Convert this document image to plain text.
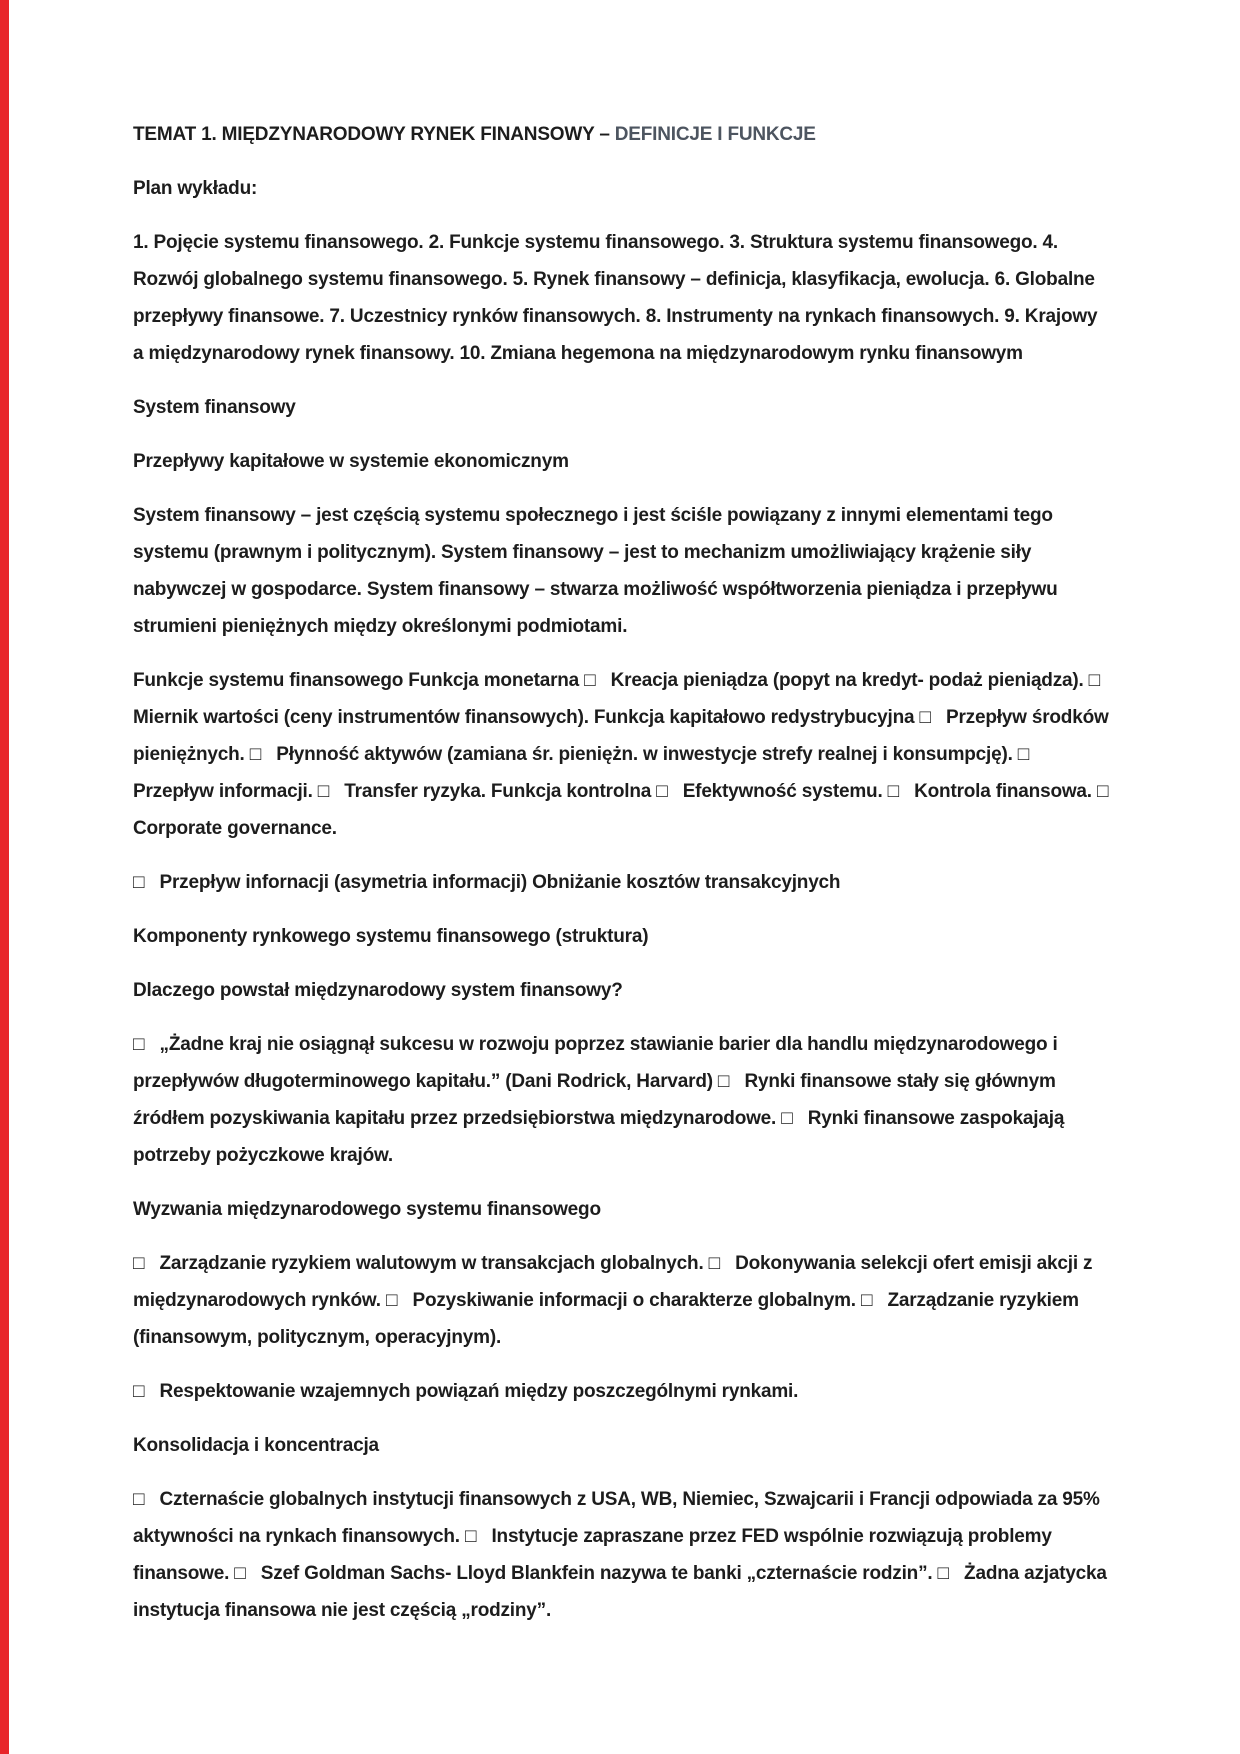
TEMAT 1. MIĘDZYNARODOWY RYNEK FINANSOWY – DEFINICJE I FUNKCJE

Plan wykładu:

1. Pojęcie systemu finansowego. 2. Funkcje systemu finansowego. 3. Struktura systemu finansowego. 4. Rozwój globalnego systemu finansowego. 5. Rynek finansowy – definicja, klasyfikacja, ewolucja. 6. Globalne przepływy finansowe. 7. Uczestnicy rynków finansowych. 8. Instrumenty na rynkach finansowych. 9. Krajowy a międzynarodowy rynek finansowy. 10. Zmiana hegemona na międzynarodowym rynku finansowym

System finansowy

Przepływy kapitałowe w systemie ekonomicznym

System finansowy – jest częścią systemu społecznego i jest ściśle powiązany z innymi elementami tego systemu (prawnym i politycznym). System finansowy – jest to mechanizm umożliwiający krążenie siły nabywczej w gospodarce. System finansowy – stwarza możliwość współtworzenia pieniądza i przepływu strumieni pieniężnych między określonymi podmiotami.

Funkcje systemu finansowego Funkcja monetarna □   Kreacja pieniądza (popyt na kredyt- podaż pieniądza). □   Miernik wartości (ceny instrumentów finansowych). Funkcja kapitałowo redystrybucyjna □   Przepływ środków pieniężnych. □   Płynność aktywów (zamiana śr. pieniężn. w inwestycje strefy realnej i konsumpcję). □   Przepływ informacji. □   Transfer ryzyka. Funkcja kontrolna □   Efektywność systemu. □   Kontrola finansowa. □   Corporate governance.

□   Przepływ infornacji (asymetria informacji) Obniżanie kosztów transakcyjnych

Komponenty rynkowego systemu finansowego (struktura)

Dlaczego powstał międzynarodowy system finansowy?

□   „Żadne kraj nie osiągnął sukcesu w rozwoju poprzez stawianie barier dla handlu międzynarodowego i przepływów długoterminowego kapitału.” (Dani Rodrick, Harvard) □   Rynki finansowe stały się głównym źródłem pozyskiwania kapitału przez przedsiębiorstwa międzynarodowe. □   Rynki finansowe zaspokajają potrzeby pożyczkowe krajów.

Wyzwania międzynarodowego systemu finansowego

□   Zarządzanie ryzykiem walutowym w transakcjach globalnych. □   Dokonywania selekcji ofert emisji akcji z międzynarodowych rynków. □   Pozyskiwanie informacji o charakterze globalnym. □   Zarządzanie ryzykiem (finansowym, politycznym, operacyjnym).

□   Respektowanie wzajemnych powiązań między poszczególnymi rynkami.

Konsolidacja i koncentracja

□   Czternaście globalnych instytucji finansowych z USA, WB, Niemiec, Szwajcarii i Francji odpowiada za 95% aktywności na rynkach finansowych. □   Instytucje zapraszane przez FED wspólnie rozwiązują problemy finansowe. □   Szef Goldman Sachs- Lloyd Blankfein nazywa te banki „czternaście rodzin”. □   Żadna azjatycka instytucja finansowa nie jest częścią „rodziny”.
